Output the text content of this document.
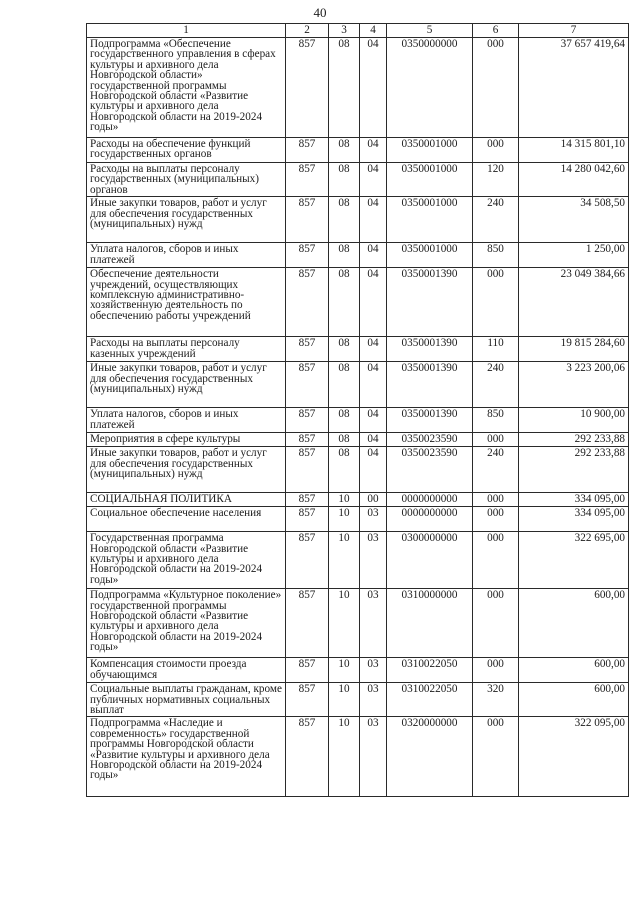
40
1	2	3	4	5	6	7
Подпрограмма «Обеспечение государственного управления в сферах культуры и архивного дела Новгородской области» государственной программы Новгородской области «Развитие культуры и архивного дела Новгородской области на 2019-2024 годы»	857	08	04	0350000000	000	37 657 419,64
Расходы на обеспечение функций государственных органов	857	08	04	0350001000	000	14 315 801,10
Расходы на выплаты персоналу государственных (муниципальных) органов	857	08	04	0350001000	120	14 280 042,60
Иные закупки товаров, работ и услуг для обеспечения государственных (муниципальных) нужд	857	08	04	0350001000	240	34 508,50
Уплата налогов, сборов и иных платежей	857	08	04	0350001000	850	1 250,00
Обеспечение деятельности учреждений, осуществляющих комплексную административно-хозяйственную деятельность по обеспечению работы учреждений	857	08	04	0350001390	000	23 049 384,66
Расходы на выплаты персоналу казенных учреждений	857	08	04	0350001390	110	19 815 284,60
Иные закупки товаров, работ и услуг для обеспечения государственных (муниципальных) нужд	857	08	04	0350001390	240	3 223 200,06
Уплата налогов, сборов и иных платежей	857	08	04	0350001390	850	10 900,00
Мероприятия в сфере культуры	857	08	04	0350023590	000	292 233,88
Иные закупки товаров, работ и услуг для обеспечения государственных (муниципальных) нужд	857	08	04	0350023590	240	292 233,88
СОЦИАЛЬНАЯ ПОЛИТИКА	857	10	00	0000000000	000	334 095,00
Социальное обеспечение населения	857	10	03	0000000000	000	334 095,00
Государственная программа Новгородской области «Развитие культуры и архивного дела Новгородской области на 2019-2024 годы»	857	10	03	0300000000	000	322 695,00
Подпрограмма «Культурное поколение» государственной программы Новгородской области «Развитие культуры и архивного дела Новгородской области на 2019-2024 годы»	857	10	03	0310000000	000	600,00
Компенсация стоимости проезда обучающимся	857	10	03	0310022050	000	600,00
Социальные выплаты гражданам, кроме публичных нормативных социальных выплат	857	10	03	0310022050	320	600,00
Подпрограмма «Наследие и современность» государственной программы Новгородской области «Развитие культуры и архивного дела Новгородской области на 2019-2024 годы»	857	10	03	0320000000	000	322 095,00
